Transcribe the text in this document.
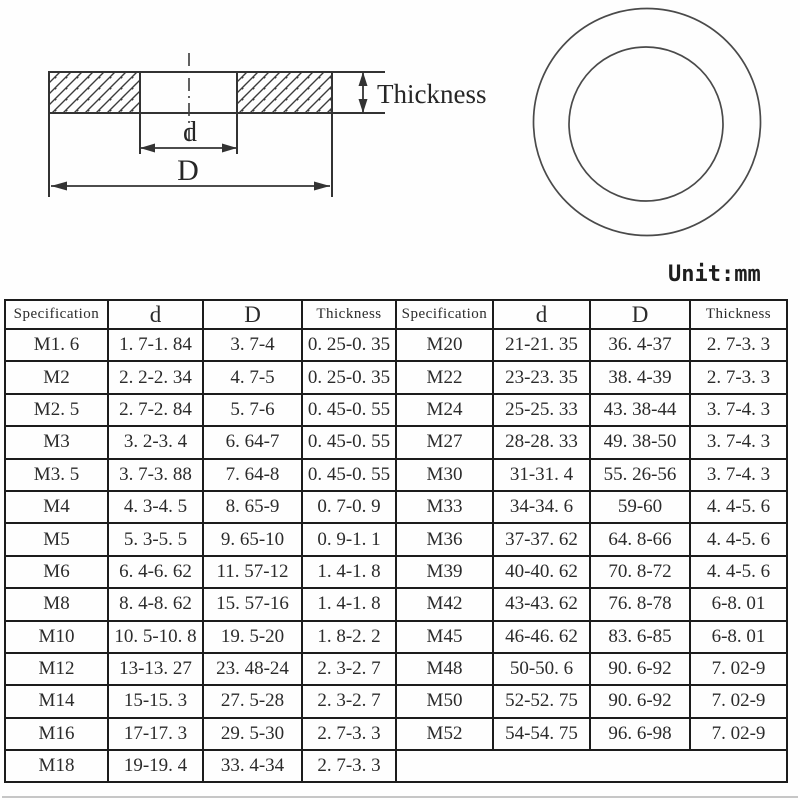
d
D
Thickness
Unit:mm
Specification	d	D	Thickness	Specification	d	D	Thickness
M1. 6	1. 7-1. 84	3. 7-4	0. 25-0. 35	M20	21-21. 35	36. 4-37	2. 7-3. 3
M2	2. 2-2. 34	4. 7-5	0. 25-0. 35	M22	23-23. 35	38. 4-39	2. 7-3. 3
M2. 5	2. 7-2. 84	5. 7-6	0. 45-0. 55	M24	25-25. 33	43. 38-44	3. 7-4. 3
M3	3. 2-3. 4	6. 64-7	0. 45-0. 55	M27	28-28. 33	49. 38-50	3. 7-4. 3
M3. 5	3. 7-3. 88	7. 64-8	0. 45-0. 55	M30	31-31. 4	55. 26-56	3. 7-4. 3
M4	4. 3-4. 5	8. 65-9	0. 7-0. 9	M33	34-34. 6	59-60	4. 4-5. 6
M5	5. 3-5. 5	9. 65-10	0. 9-1. 1	M36	37-37. 62	64. 8-66	4. 4-5. 6
M6	6. 4-6. 62	11. 57-12	1. 4-1. 8	M39	40-40. 62	70. 8-72	4. 4-5. 6
M8	8. 4-8. 62	15. 57-16	1. 4-1. 8	M42	43-43. 62	76. 8-78	6-8. 01
M10	10. 5-10. 8	19. 5-20	1. 8-2. 2	M45	46-46. 62	83. 6-85	6-8. 01
M12	13-13. 27	23. 48-24	2. 3-2. 7	M48	50-50. 6	90. 6-92	7. 02-9
M14	15-15. 3	27. 5-28	2. 3-2. 7	M50	52-52. 75	90. 6-92	7. 02-9
M16	17-17. 3	29. 5-30	2. 7-3. 3	M52	54-54. 75	96. 6-98	7. 02-9
M18	19-19. 4	33. 4-34	2. 7-3. 3				
